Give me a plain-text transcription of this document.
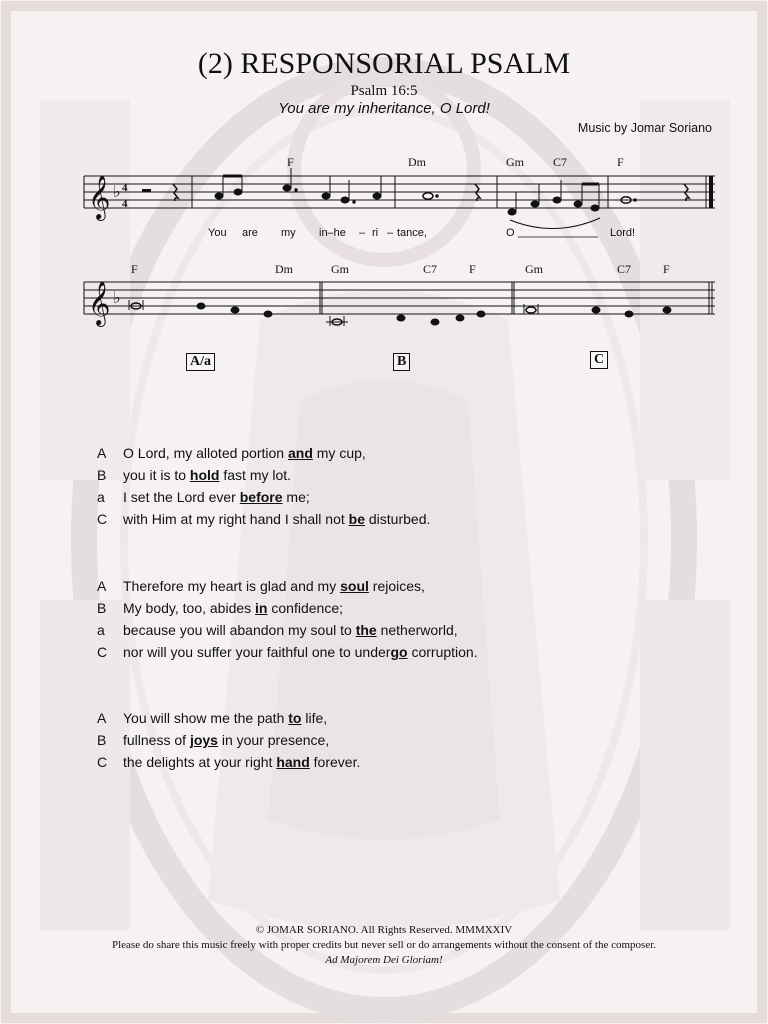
(2) RESPONSORIAL PSALM
Psalm 16:5
You are my inheritance, O Lord!
Music by Jomar Soriano
F	Dm	Gm C7	F
𝄞 ♭ 4
4
You are my in–he – ri – tance,	O	Lord!
F	Dm	Gm	C7	F	Gm	C7	F
𝄞 ♭
A/a	B	C
A O Lord, my alloted portion and my cup,
B you it is to hold fast my lot.
a I set the Lord ever before me;
C with Him at my right hand I shall not be disturbed.
A Therefore my heart is glad and my soul rejoices,
B My body, too, abides in confidence;
a because you will abandon my soul to the netherworld,
C nor will you suffer your faithful one to undergo corruption.
A You will show me the path to life,
B fullness of joys in your presence,
C the delights at your right hand forever.
© JOMAR SORIANO. All Rights Reserved. MMMXXIV
Please do share this music freely with proper credits but never sell or do arrangements without the consent of the composer.
Ad Majorem Dei Gloriam!
